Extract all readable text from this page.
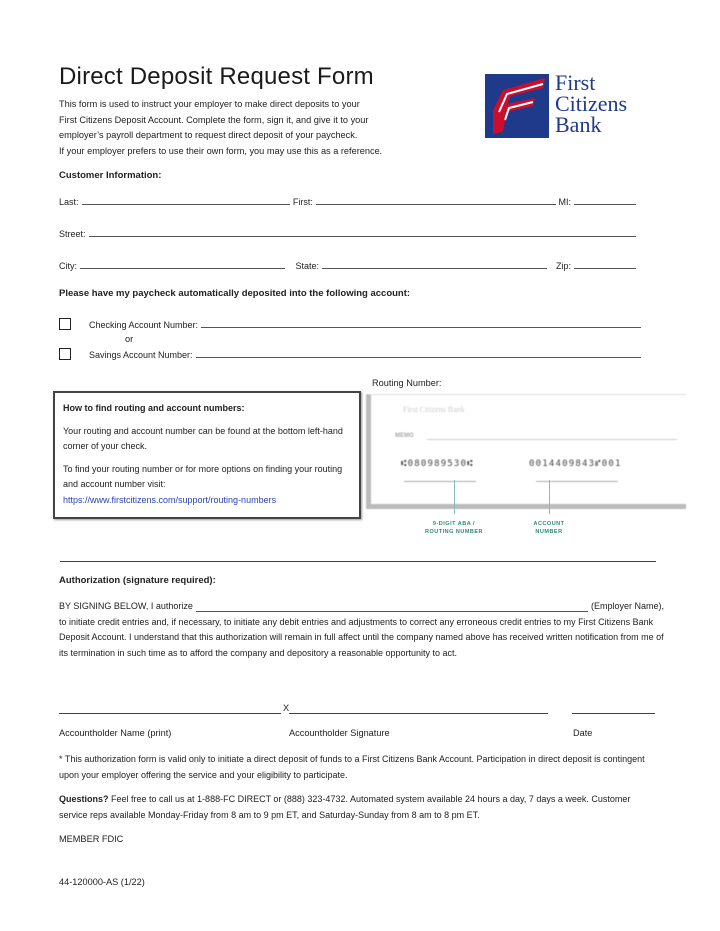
Direct Deposit Request Form
This form is used to instruct your employer to make direct deposits to your
First Citizens Deposit Account. Complete the form, sign it, and give it to your
employer’s payroll department to request direct deposit of your paycheck.
If your employer prefers to use their own form, you may use this as a reference.
First
Citizens
Bank
Customer Information:
Last:	First:	MI:
Street:
City:	State:	Zip:
Please have my paycheck automatically deposited into the following account:
Checking Account Number:
or
Savings Account Number:
Routing Number:

How to find routing and account numbers:

Your routing and account number can be found at the bottom left-hand corner of your check.

To find your routing number or for more options on finding your routing and account number visit:

https://www.firstcitizens.com/support/routing-numbers
First Citizens Bank
MEMO
⑆080989530⑆	0014409843⑈001
9-DIGIT ABA /
ROUTING NUMBER
ACCOUNT NUMBER
Authorization (signature required):
BY SIGNING BELOW, I authorize	(Employer Name),
to initiate credit entries and, if necessary, to initiate any debit entries and adjustments to correct any erroneous credit entries to my First Citizens Bank Deposit Account. I understand that this authorization will remain in full affect until the company named above has received written notification from me of its termination in such time as to afford the company and depository a reasonable opportunity to act.
X
Accountholder Name (print)	Accountholder Signature	Date
* This authorization form is valid only to initiate a direct deposit of funds to a First Citizens Bank Account. Participation in direct deposit is contingent upon your employer offering the service and your eligibility to participate.
Questions? Feel free to call us at 1-888-FC DIRECT or (888) 323-4732. Automated system available 24 hours a day, 7 days a week. Customer service reps available Monday-Friday from 8 am to 9 pm ET, and Saturday-Sunday from 8 am to 8 pm ET.
MEMBER FDIC
44-120000-AS (1/22)
